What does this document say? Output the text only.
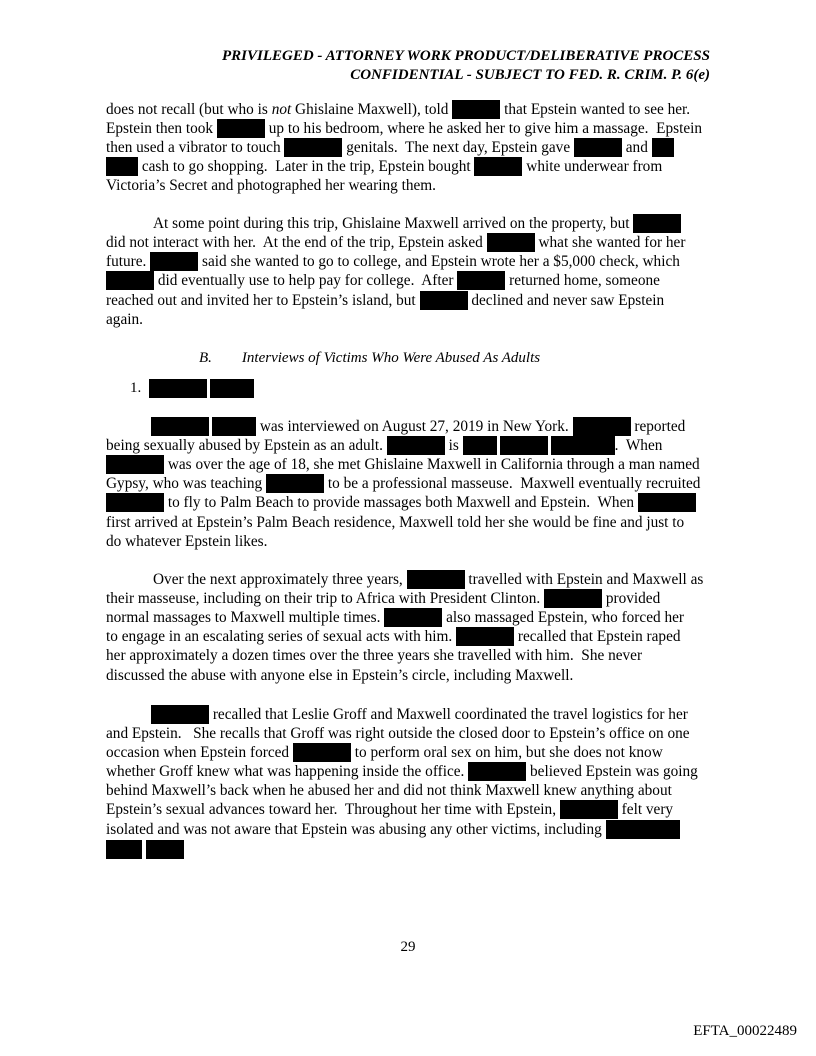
PRIVILEGED - ATTORNEY WORK PRODUCT/DELIBERATIVE PROCESS
CONFIDENTIAL - SUBJECT TO FED. R. CRIM. P. 6(e)
does not recall (but who is not Ghislaine Maxwell), told	that Epstein wanted to see her.
Epstein then took	up to his bedroom, where he asked her to give him a massage.  Epstein
then used a vibrator to touch	genitals.  The next day, Epstein gave	and
cash to go shopping.  Later in the trip, Epstein bought	white underwear from
Victoria’s Secret and photographed her wearing them.
At some point during this trip, Ghislaine Maxwell arrived on the property, but
did not interact with her.  At the end of the trip, Epstein asked	what she wanted for her
future.	said she wanted to go to college, and Epstein wrote her a $5,000 check, which
did eventually use to help pay for college.  After	returned home, someone
reached out and invited her to Epstein’s island, but	declined and never saw Epstein
again.
B. Interviews of Victims Who Were Abused As Adults
1.
was interviewed on August 27, 2019 in New York.	reported
being sexually abused by Epstein as an adult.	is	.  When
was over the age of 18, she met Ghislaine Maxwell in California through a man named
Gypsy, who was teaching	to be a professional masseuse.  Maxwell eventually recruited
to fly to Palm Beach to provide massages both Maxwell and Epstein.  When
first arrived at Epstein’s Palm Beach residence, Maxwell told her she would be fine and just to
do whatever Epstein likes.
Over the next approximately three years,	travelled with Epstein and Maxwell as
their masseuse, including on their trip to Africa with President Clinton.	provided
normal massages to Maxwell multiple times.	also massaged Epstein, who forced her
to engage in an escalating series of sexual acts with him.	recalled that Epstein raped
her approximately a dozen times over the three years she travelled with him.  She never
discussed the abuse with anyone else in Epstein’s circle, including Maxwell.
recalled that Leslie Groff and Maxwell coordinated the travel logistics for her
and Epstein.   She recalls that Groff was right outside the closed door to Epstein’s office on one
occasion when Epstein forced	to perform oral sex on him, but she does not know
whether Groff knew what was happening inside the office.	believed Epstein was going
behind Maxwell’s back when he abused her and did not think Maxwell knew anything about
Epstein’s sexual advances toward her.  Throughout her time with Epstein,	felt very
isolated and was not aware that Epstein was abusing any other victims, including
29
EFTA_00022489
